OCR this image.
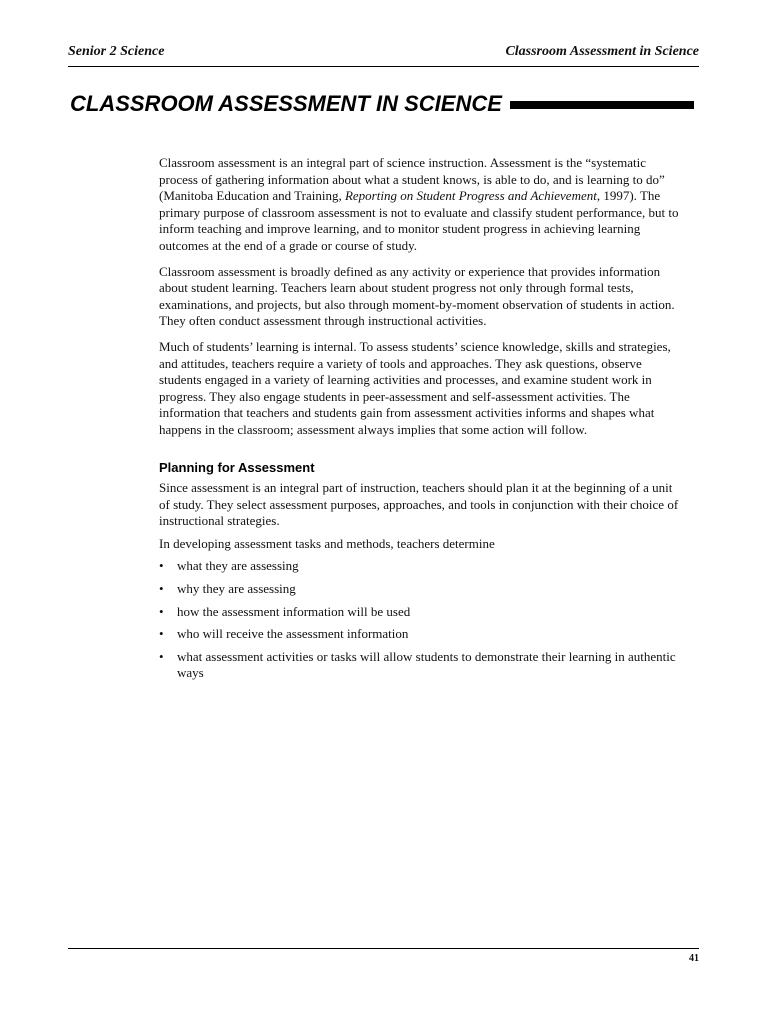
Senior 2 Science	Classroom Assessment in Science
CLASSROOM ASSESSMENT IN SCIENCE

Classroom assessment is an integral part of science instruction. Assessment is the “systematic process of gathering information about what a student knows, is able to do, and is learning to do” (Manitoba Education and Training, Reporting on Student Progress and Achievement, 1997). The primary purpose of classroom assessment is not to evaluate and classify student performance, but to inform teaching and improve learning, and to monitor student progress in achieving learning outcomes at the end of a grade or course of study.

Classroom assessment is broadly defined as any activity or experience that provides information about student learning. Teachers learn about student progress not only through formal tests, examinations, and projects, but also through moment-by-moment observation of students in action. They often conduct assessment through instructional activities.

Much of students’ learning is internal. To assess students’ science knowledge, skills and strategies, and attitudes, teachers require a variety of tools and approaches. They ask questions, observe students engaged in a variety of learning activities and processes, and examine student work in progress. They also engage students in peer-assessment and self-assessment activities. The information that teachers and students gain from assessment activities informs and shapes what happens in the classroom; assessment always implies that some action will follow.

Planning for Assessment

Since assessment is an integral part of instruction, teachers should plan it at the beginning of a unit of study. They select assessment purposes, approaches, and tools in conjunction with their choice of instructional strategies.

In developing assessment tasks and methods, teachers determine

• what they are assessing
• why they are assessing
• how the assessment information will be used
• who will receive the assessment information
• what assessment activities or tasks will allow students to demonstrate their learning in authentic ways
41
